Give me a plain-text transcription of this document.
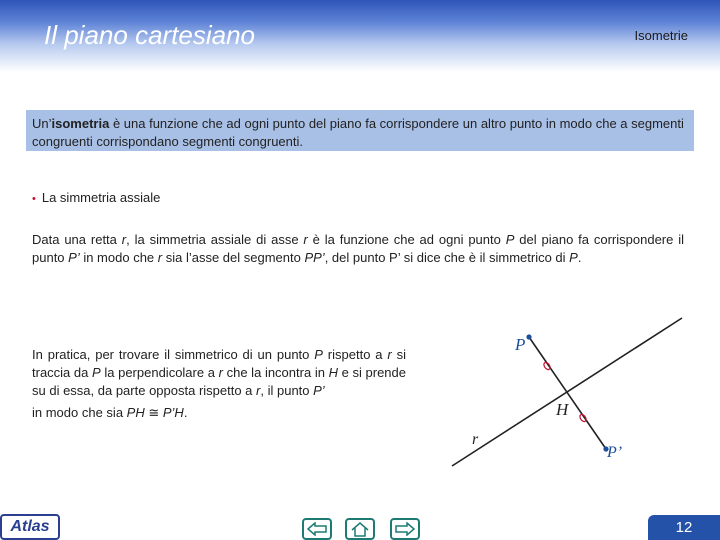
Il piano cartesiano	Isometrie
Un’isometria è una funzione che ad ogni punto del piano fa corrispondere un altro punto in modo che a segmenti congruenti corrispondano segmenti congruenti.
• La simmetria assiale
Data una retta r, la simmetria assiale di asse r è la funzione che ad ogni punto P del piano fa corrispondere il punto P’ in modo che r sia l’asse del segmento PP’, del punto P’ si dice che è il simmetrico di P.
In pratica, per trovare il simmetrico di un punto P rispetto a r si traccia da P la perpendicolare a r che la incontra in H e si prende su di essa, da parte opposta rispetto a r, il punto P’
in modo che sia PH ≅ P’H.
P
H
r
P’
Atlas	12
